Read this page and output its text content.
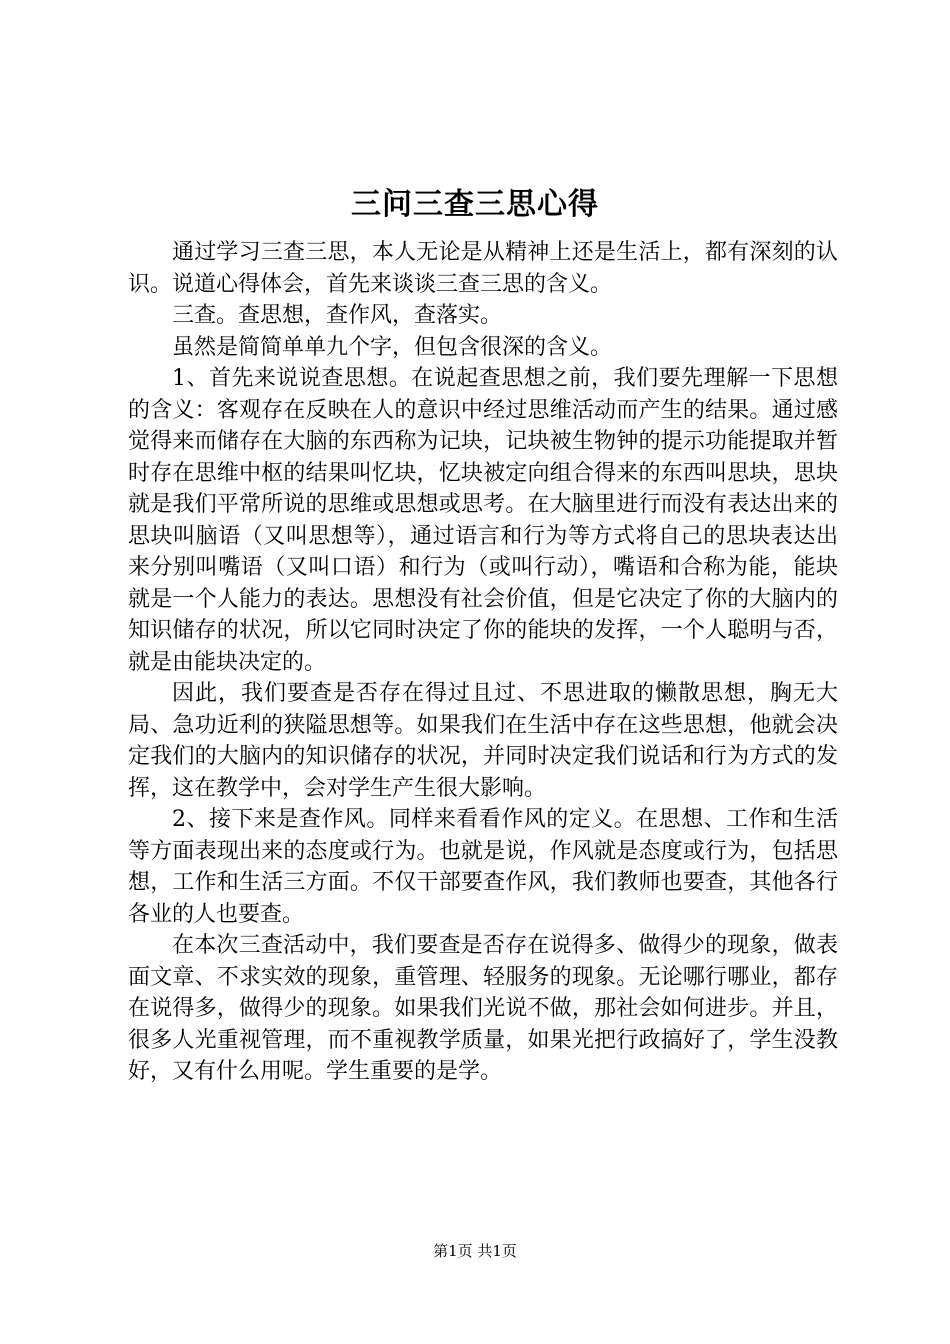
三问三查三思心得

通过学习三查三思，本人无论是从精神上还是生活上，都有深刻的认识。说道心得体会，首先来谈谈三查三思的含义。

三查。查思想，查作风，查落实。

虽然是简简单单九个字，但包含很深的含义。

1、首先来说说查思想。在说起查思想之前，我们要先理解一下思想的含义：客观存在反映在人的意识中经过思维活动而产生的结果。通过感觉得来而储存在大脑的东西称为记块，记块被生物钟的提示功能提取并暂时存在思维中枢的结果叫忆块，忆块被定向组合得来的东西叫思块，思块就是我们平常所说的思维或思想或思考。在大脑里进行而没有表达出来的思块叫脑语（又叫思想等），通过语言和行为等方式将自己的思块表达出来分别叫嘴语（又叫口语）和行为（或叫行动），嘴语和合称为能，能块就是一个人能力的表达。思想没有社会价值，但是它决定了你的大脑内的知识储存的状况，所以它同时决定了你的能块的发挥，一个人聪明与否，就是由能块决定的。

因此，我们要查是否存在得过且过、不思进取的懒散思想，胸无大局、急功近利的狭隘思想等。如果我们在生活中存在这些思想，他就会决定我们的大脑内的知识储存的状况，并同时决定我们说话和行为方式的发挥，这在教学中，会对学生产生很大影响。

2、接下来是查作风。同样来看看作风的定义。在思想、工作和生活等方面表现出来的态度或行为。也就是说，作风就是态度或行为，包括思想，工作和生活三方面。不仅干部要查作风，我们教师也要查，其他各行各业的人也要查。

在本次三查活动中，我们要查是否存在说得多、做得少的现象，做表面文章、不求实效的现象，重管理、轻服务的现象。无论哪行哪业，都存在说得多，做得少的现象。如果我们光说不做，那社会如何进步。并且，很多人光重视管理，而不重视教学质量，如果光把行政搞好了，学生没教好，又有什么用呢。学生重要的是学。

第1页 共1页
